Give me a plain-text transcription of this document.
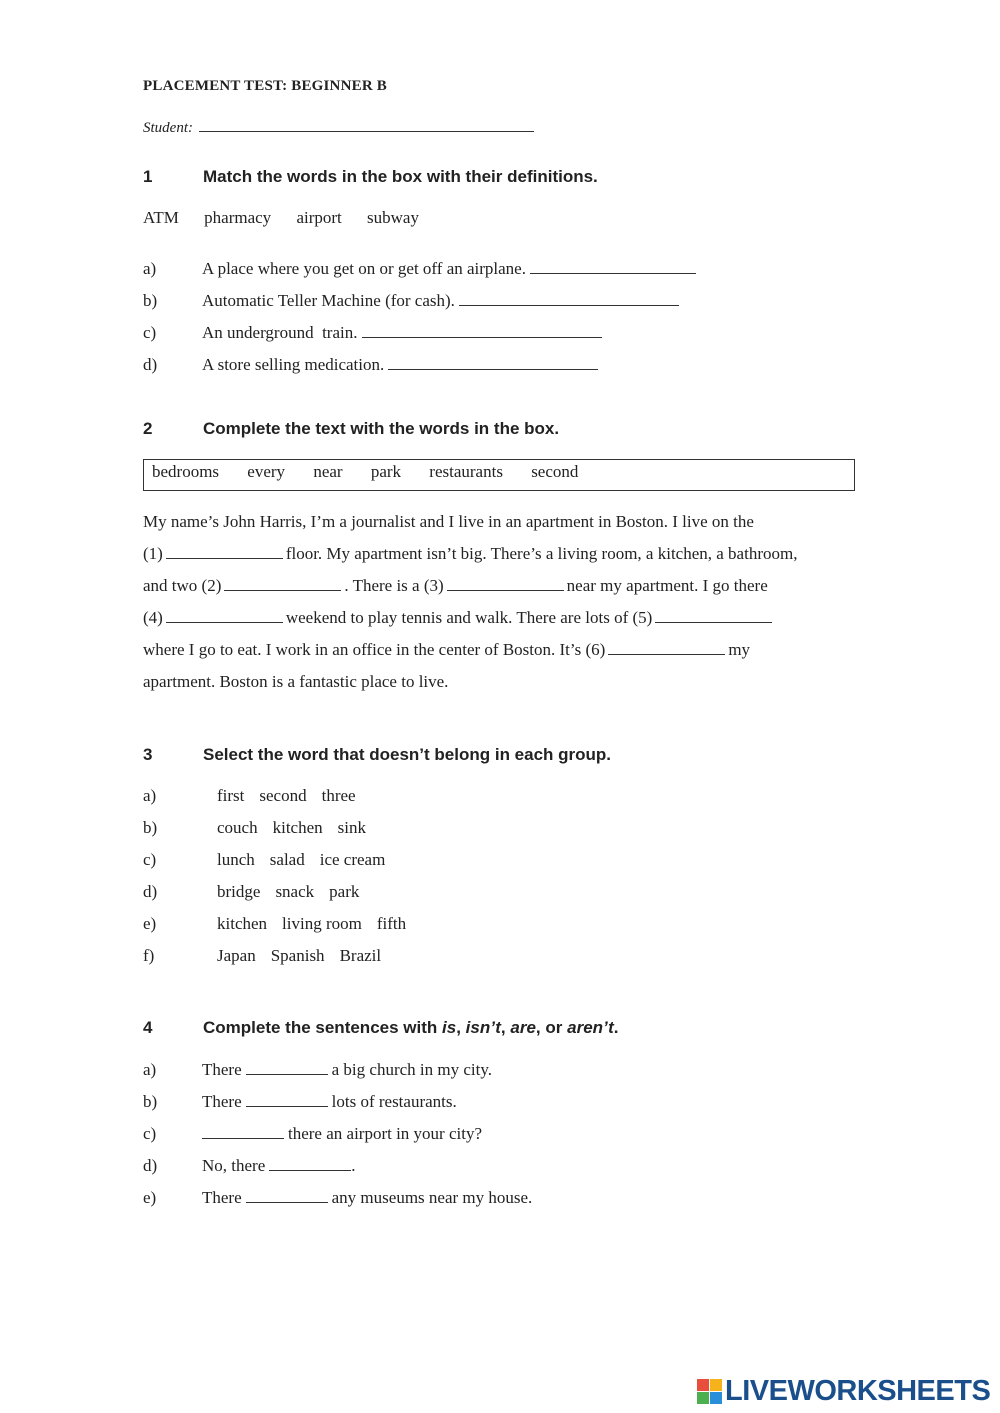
PLACEMENT TEST: BEGINNER B
Student:
1	Match the words in the box with their definitions.
ATM pharmacy airport subway
a)	A place where you get on or get off an airplane.
b)	Automatic Teller Machine (for cash).
c)	An underground  train.
d)	A store selling medication.
2	Complete the text with the words in the box.
bedrooms every near park restaurants second
My name’s John Harris, I’m a journalist and I live in an apartment in Boston. I live on the
(1)	floor. My apartment isn’t big. There’s a living room, a kitchen, a bathroom,
and two (2)	. There is a (3)	near my apartment. I go there
(4)	weekend to play tennis and walk. There are lots of (5)
where I go to eat. I work in an office in the center of Boston. It’s (6)	my
apartment. Boston is a fantastic place to live.
3	Select the word that doesn’t belong in each group.
a)	first second three
b)	couch kitchen sink
c)	lunch salad ice cream
d)	bridge snack park
e)	kitchen living room fifth
f)	Japan Spanish Brazil
4	Complete the sentences with is, isn’t, are, or aren’t.
a)	There	a big church in my city.
b)	There	lots of restaurants.
c)	there an airport in your city?
d)	No, there	.
e)	There	any museums near my house.
LIVEWORKSHEETS
